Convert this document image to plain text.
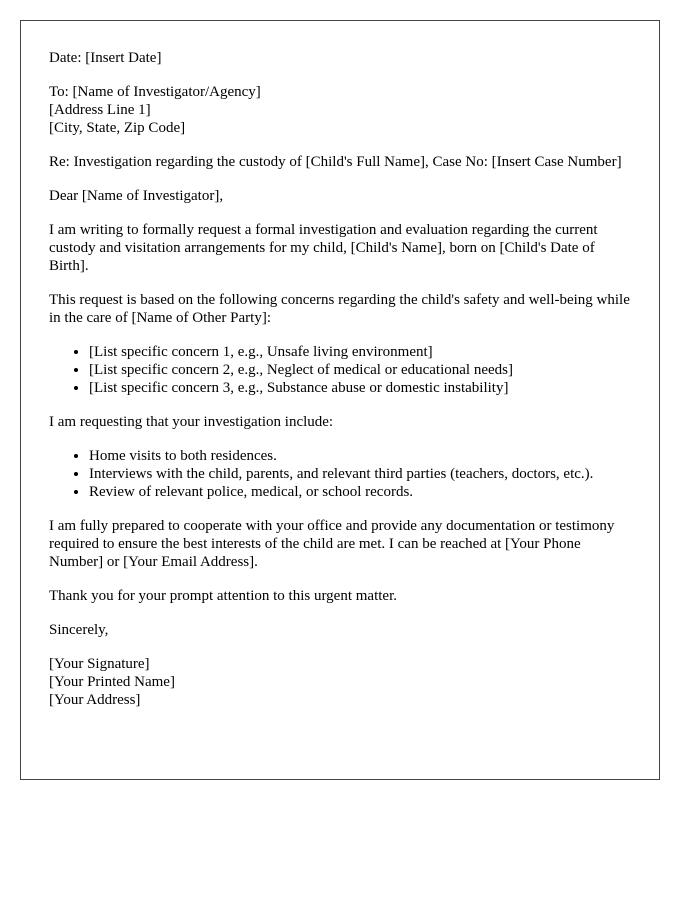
Date: [Insert Date]
To: [Name of Investigator/Agency]
[Address Line 1]
[City, State, Zip Code]
Re: Investigation regarding the custody of [Child's Full Name], Case No: [Insert Case Number]
Dear [Name of Investigator],
I am writing to formally request a formal investigation and evaluation regarding the current custody and visitation arrangements for my child, [Child's Name], born on [Child's Date of Birth].
This request is based on the following concerns regarding the child's safety and well-being while in the care of [Name of Other Party]:
• [List specific concern 1, e.g., Unsafe living environment]
• [List specific concern 2, e.g., Neglect of medical or educational needs]
• [List specific concern 3, e.g., Substance abuse or domestic instability]
I am requesting that your investigation include:
• Home visits to both residences.
• Interviews with the child, parents, and relevant third parties (teachers, doctors, etc.).
• Review of relevant police, medical, or school records.
I am fully prepared to cooperate with your office and provide any documentation or testimony required to ensure the best interests of the child are met. I can be reached at [Your Phone Number] or [Your Email Address].
Thank you for your prompt attention to this urgent matter.
Sincerely,
[Your Signature]
[Your Printed Name]
[Your Address]
